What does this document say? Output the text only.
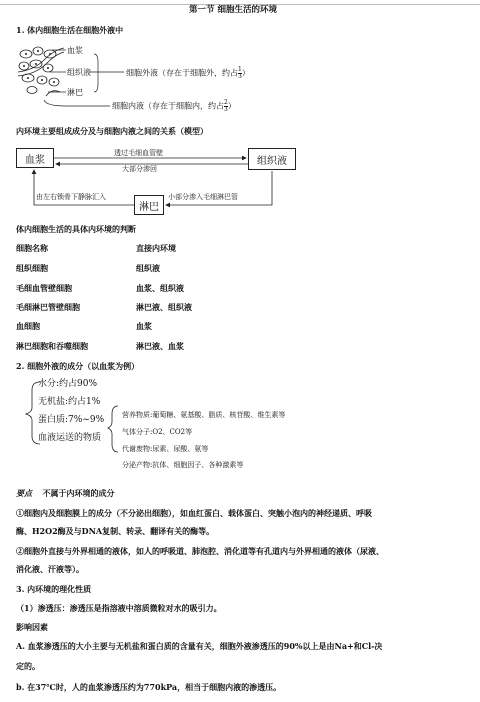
第一节 细胞生活的环境
1. 体内细胞生活在细胞外液中
血浆
组织液
淋巴
细胞外液（存在于细胞外，约占 $\frac{1}{3}$ ）
细胞内液（存在于细胞内，约占 $\frac{2}{3}$ ）
内环境主要组成成分及与细胞内液之间的关系（模型）
血浆	组织液
淋巴
透过毛细血管壁
大部分渗回
由左右锁骨下静脉汇入	小部分渗入毛细淋巴管
体内细胞生活的具体内环境的判断
细胞名称	直接内环境
组织细胞	组织液
毛细血管壁细胞	血浆、组织液
毛细淋巴管壁细胞	淋巴液、组织液
血细胞	血浆
淋巴细胞和吞噬细胞	淋巴液、血浆
2. 细胞外液的成分（以血浆为例）
水分:约占90%
无机盐:约占1%
蛋白质:7%~9%
血液运送的物质
营养物质:葡萄糖、氨基酸、脂质、核苷酸、维生素等
气体分子:O2、CO2等
代谢废物:尿素、尿酸、氨等
分泌产物:抗体、细胞因子、各种激素等
要点 不属于内环境的成分
①细胞内及细胞膜上的成分（不分泌出细胞），如血红蛋白、载体蛋白、突触小泡内的神经递质、呼吸
酶、H2O2酶及与DNA复制、转录、翻译有关的酶等。
②细胞外直接与外界相通的液体，如人的呼吸道、肺泡腔、消化道等有孔道内与外界相通的液体（尿液、
消化液、汗液等）。
3. 内环境的理化性质
（1）渗透压：渗透压是指溶液中溶质微粒对水的吸引力。
影响因素
A. 血浆渗透压的大小主要与无机盐和蛋白质的含量有关，细胞外液渗透压的90%以上是由Na+和Cl-决
定的。
b. 在37℃时，人的血浆渗透压约为770kPa，相当于细胞内液的渗透压。
